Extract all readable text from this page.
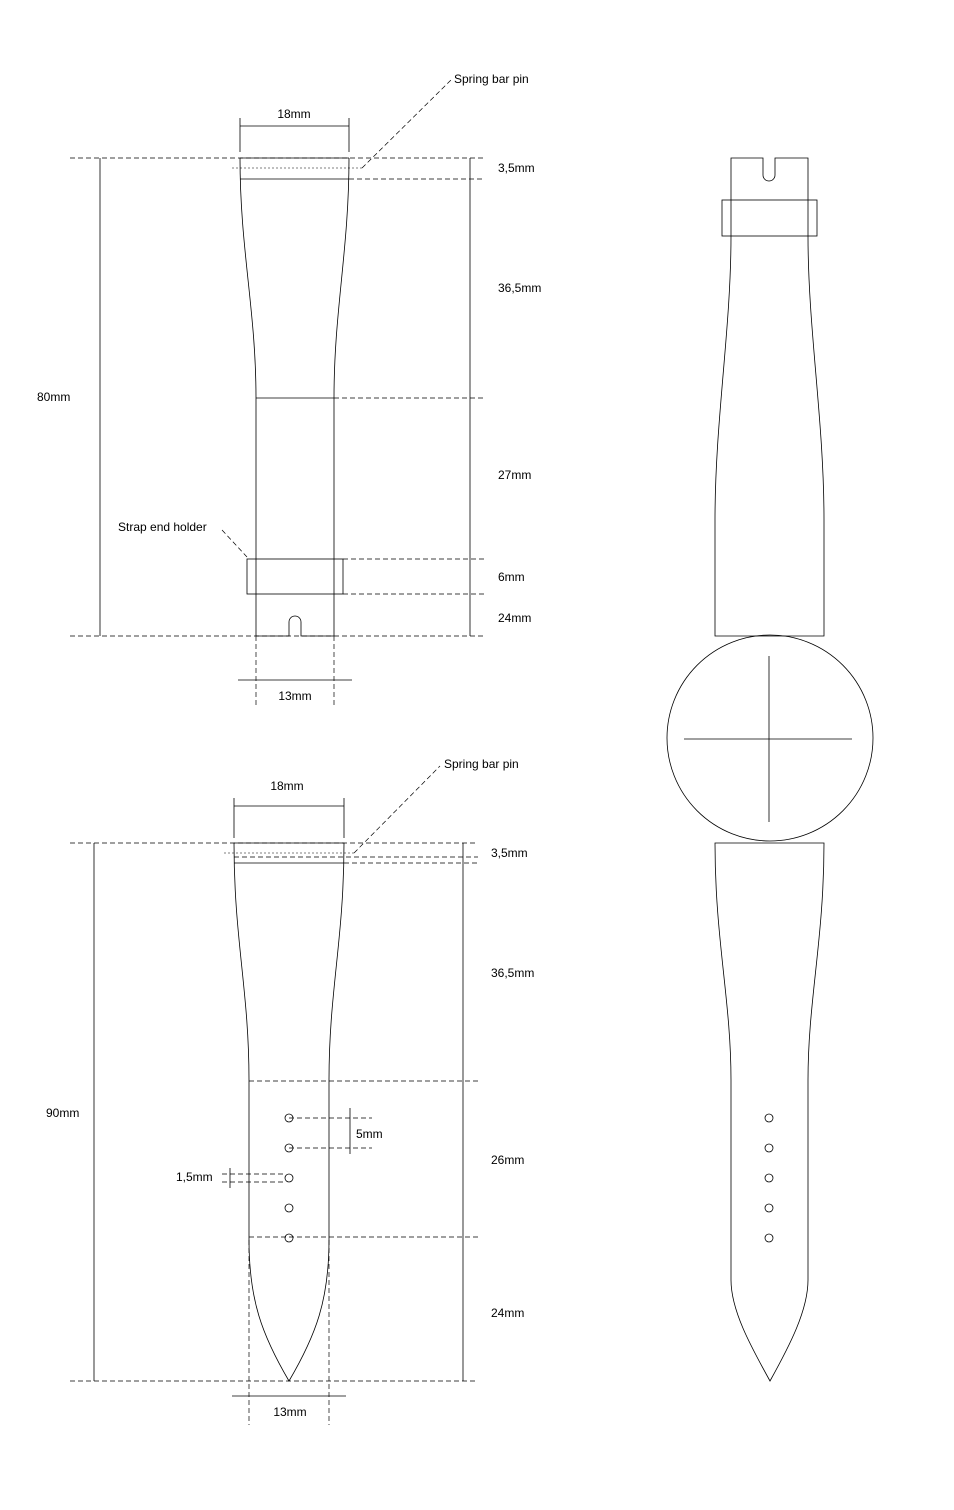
Spring bar pin
18mm
3,5mm
36,5mm
27mm
6mm
24mm
80mm
Strap end holder
13mm
Spring bar pin
18mm
3,5mm
36,5mm
26mm
24mm
90mm
5mm
1,5mm
13mm
